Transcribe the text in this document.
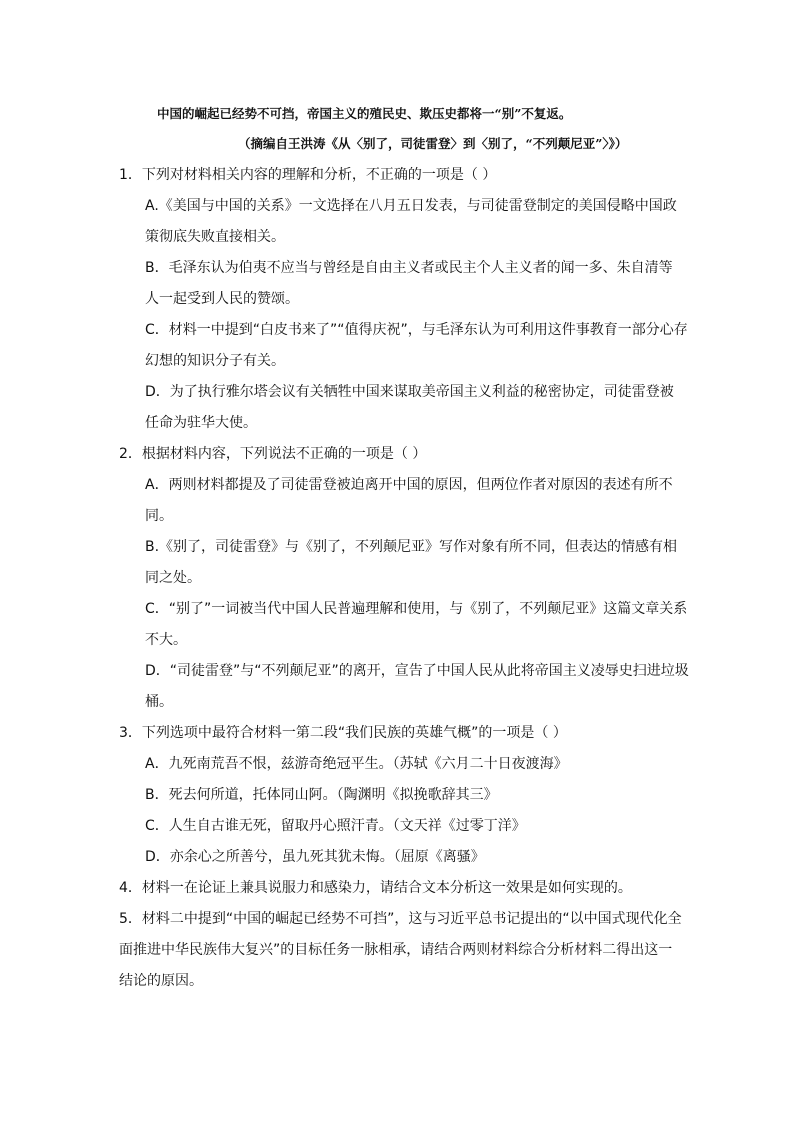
中国的崛起已经势不可挡，帝国主义的殖民史、欺压史都将一“别”不复返。
（摘编自王洪涛《从〈别了，司徒雷登〉到〈别了，“不列颠尼亚”〉》）
1．下列对材料相关内容的理解和分析，不正确的一项是（ ）
A.《美国与中国的关系》一文选择在八月五日发表，与司徒雷登制定的美国侵略中国政
策彻底失败直接相关。
B．毛泽东认为伯夷不应当与曾经是自由主义者或民主个人主义者的闻一多、朱自清等
人一起受到人民的赞颂。
C．材料一中提到“白皮书来了”“值得庆祝”，与毛泽东认为可利用这件事教育一部分心存
幻想的知识分子有关。
D．为了执行雅尔塔会议有关牺牲中国来谋取美帝国主义利益的秘密协定，司徒雷登被
任命为驻华大使。
2．根据材料内容，下列说法不正确的一项是（ ）
A．两则材料都提及了司徒雷登被迫离开中国的原因，但两位作者对原因的表述有所不
同。
B.《别了，司徒雷登》与《别了，不列颠尼亚》写作对象有所不同，但表达的情感有相
同之处。
C．“别了”一词被当代中国人民普遍理解和使用，与《别了，不列颠尼亚》这篇文章关系
不大。
D．“司徒雷登”与“不列颠尼亚”的离开，宣告了中国人民从此将帝国主义凌辱史扫进垃圾
桶。
3．下列选项中最符合材料一第二段“我们民族的英雄气概”的一项是（ ）
A．九死南荒吾不恨，兹游奇绝冠平生。（苏轼《六月二十日夜渡海》
B．死去何所道，托体同山阿。（陶渊明《拟挽歌辞其三》
C．人生自古谁无死，留取丹心照汗青。（文天祥《过零丁洋》
D．亦余心之所善兮，虽九死其犹未悔。（屈原《离骚》
4．材料一在论证上兼具说服力和感染力，请结合文本分析这一效果是如何实现的。
5．材料二中提到“中国的崛起已经势不可挡”，这与习近平总书记提出的“以中国式现代化全
面推进中华民族伟大复兴”的目标任务一脉相承，请结合两则材料综合分析材料二得出这一
结论的原因。
